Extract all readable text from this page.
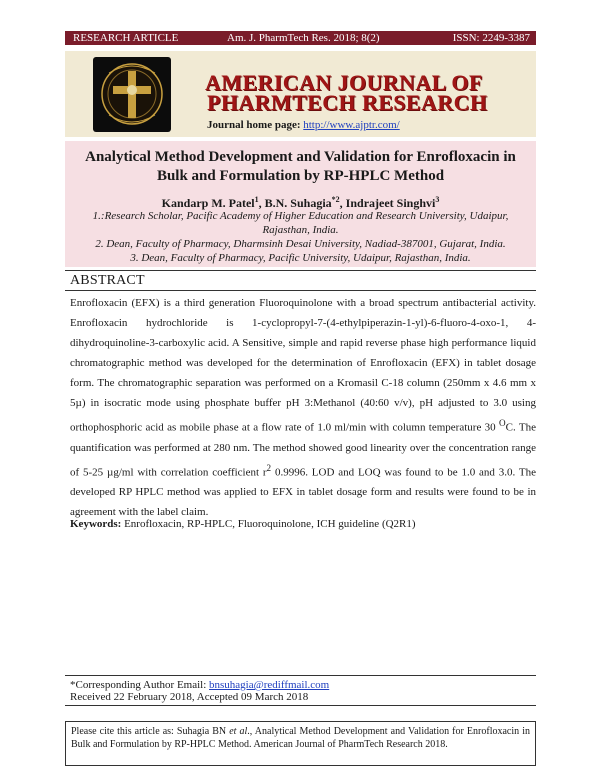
RESEARCH ARTICLE	Am. J. PharmTech Res. 2018; 8(2)	ISSN: 2249-3387
AMERICAN JOURNAL OF
PHARMTECH RESEARCH
Journal home page: http://www.ajptr.com/
Analytical Method Development and Validation for Enrofloxacin in Bulk and Formulation by RP-HPLC Method
Kandarp M. Patel$^1$, B.N. Suhagia$^{*2}$, Indrajeet Singhvi$^3$
1.:Research Scholar, Pacific Academy of Higher Education and Research University, Udaipur, Rajasthan, India.
2. Dean, Faculty of Pharmacy, Dharmsinh Desai University, Nadiad-387001, Gujarat, India.
3. Dean, Faculty of Pharmacy, Pacific University, Udaipur, Rajasthan, India.
ABSTRACT
Enrofloxacin (EFX) is a third generation Fluoroquinolone with a broad spectrum antibacterial activity. Enrofloxacin hydrochloride is 1-cyclopropyl-7-(4-ethylpiperazin-1-yl)-6-fluoro-4-oxo-1, 4-dihydroquinoline-3-carboxylic acid. A Sensitive, simple and rapid reverse phase high performance liquid chromatographic method was developed for the determination of Enrofloxacin (EFX) in tablet dosage form. The chromatographic separation was performed on a Kromasil C-18 column (250mm x 4.6 mm x 5µ) in isocratic mode using phosphate buffer pH 3:Methanol (40:60 v/v), pH adjusted to 3.0 using orthophosphoric acid as mobile phase at a flow rate of 1.0 ml/min with column temperature 30 $^O$C. The quantification was performed at 280 nm. The method showed good linearity over the concentration range of 5-25 µg/ml with correlation coefficient $r^2$ 0.9996. LOD and LOQ was found to be 1.0 and 3.0. The developed RP HPLC method was applied to EFX in tablet dosage form and results were found to be in agreement with the label claim.
Keywords: Enrofloxacin, RP-HPLC, Fluoroquinolone, ICH guideline (Q2R1)
*Corresponding Author Email: bnsuhagia@rediffmail.com
Received 22 February 2018, Accepted 09 March 2018
Please cite this article as: Suhagia BN et al., Analytical Method Development and Validation for Enrofloxacin in Bulk and Formulation by RP-HPLC Method. American Journal of PharmTech Research 2018.
